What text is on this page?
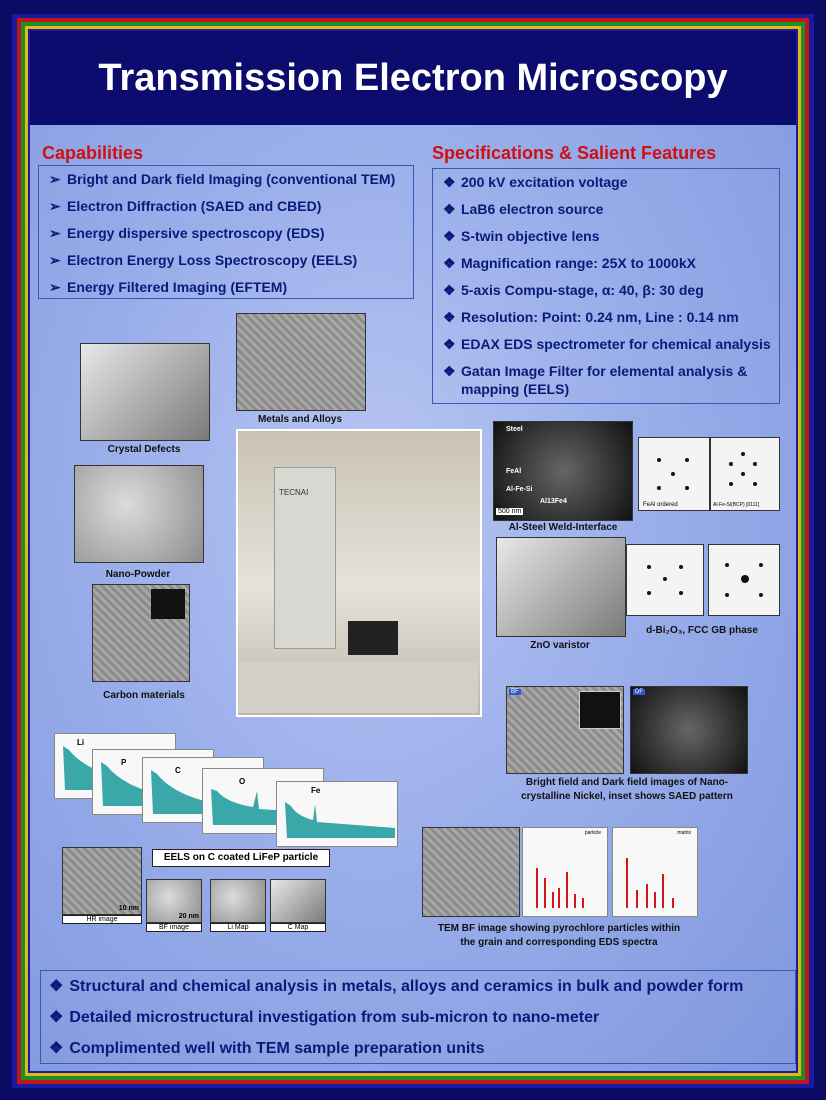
Transmission Electron Microscopy
Capabilities
➢ Bright and Dark field Imaging (conventional TEM)
➢ Electron Diffraction (SAED and CBED)
➢ Energy dispersive spectroscopy (EDS)
➢ Electron Energy Loss Spectroscopy (EELS)
➢ Energy Filtered Imaging (EFTEM)
Specifications & Salient Features
❖ 200 kV excitation voltage
❖ LaB6 electron source
❖ S-twin objective lens
❖ Magnification range: 25X to 1000kX
❖ 5-axis Compu-stage, α: 40, β: 30 deg
❖ Resolution: Point: 0.24 nm, Line : 0.14 nm
❖ EDAX EDS spectrometer for chemical analysis
❖ Gatan Image Filter for elemental analysis &
mapping (EELS)
Crystal Defects
Metals and Alloys
Nano-Powder
Carbon materials
TECNAI
Steel
FeAl
Al-Fe-Si
Al13Fe4
500 nm
Al-Steel Weld-Interface
FeAl ordered	Al-Fe-Si(BCP) [0111]
ZnO varistor
d-Bi₂O₃, FCC GB phase
BF	DF
Bright field and Dark field images of Nano-
crystalline Nickel, inset shows SAED pattern
Li
P
C
O
Fe
EELS on C coated LiFeP particle
10 nm
HR image	20 nm
BF image	Li Map	C Map
particle	matrix
TEM BF image showing pyrochlore particles within
the grain and corresponding EDS spectra
❖ Structural and chemical analysis in metals, alloys and ceramics in bulk and powder form
❖ Detailed microstructural investigation from sub-micron to nano-meter
❖ Complimented well with TEM sample preparation units
